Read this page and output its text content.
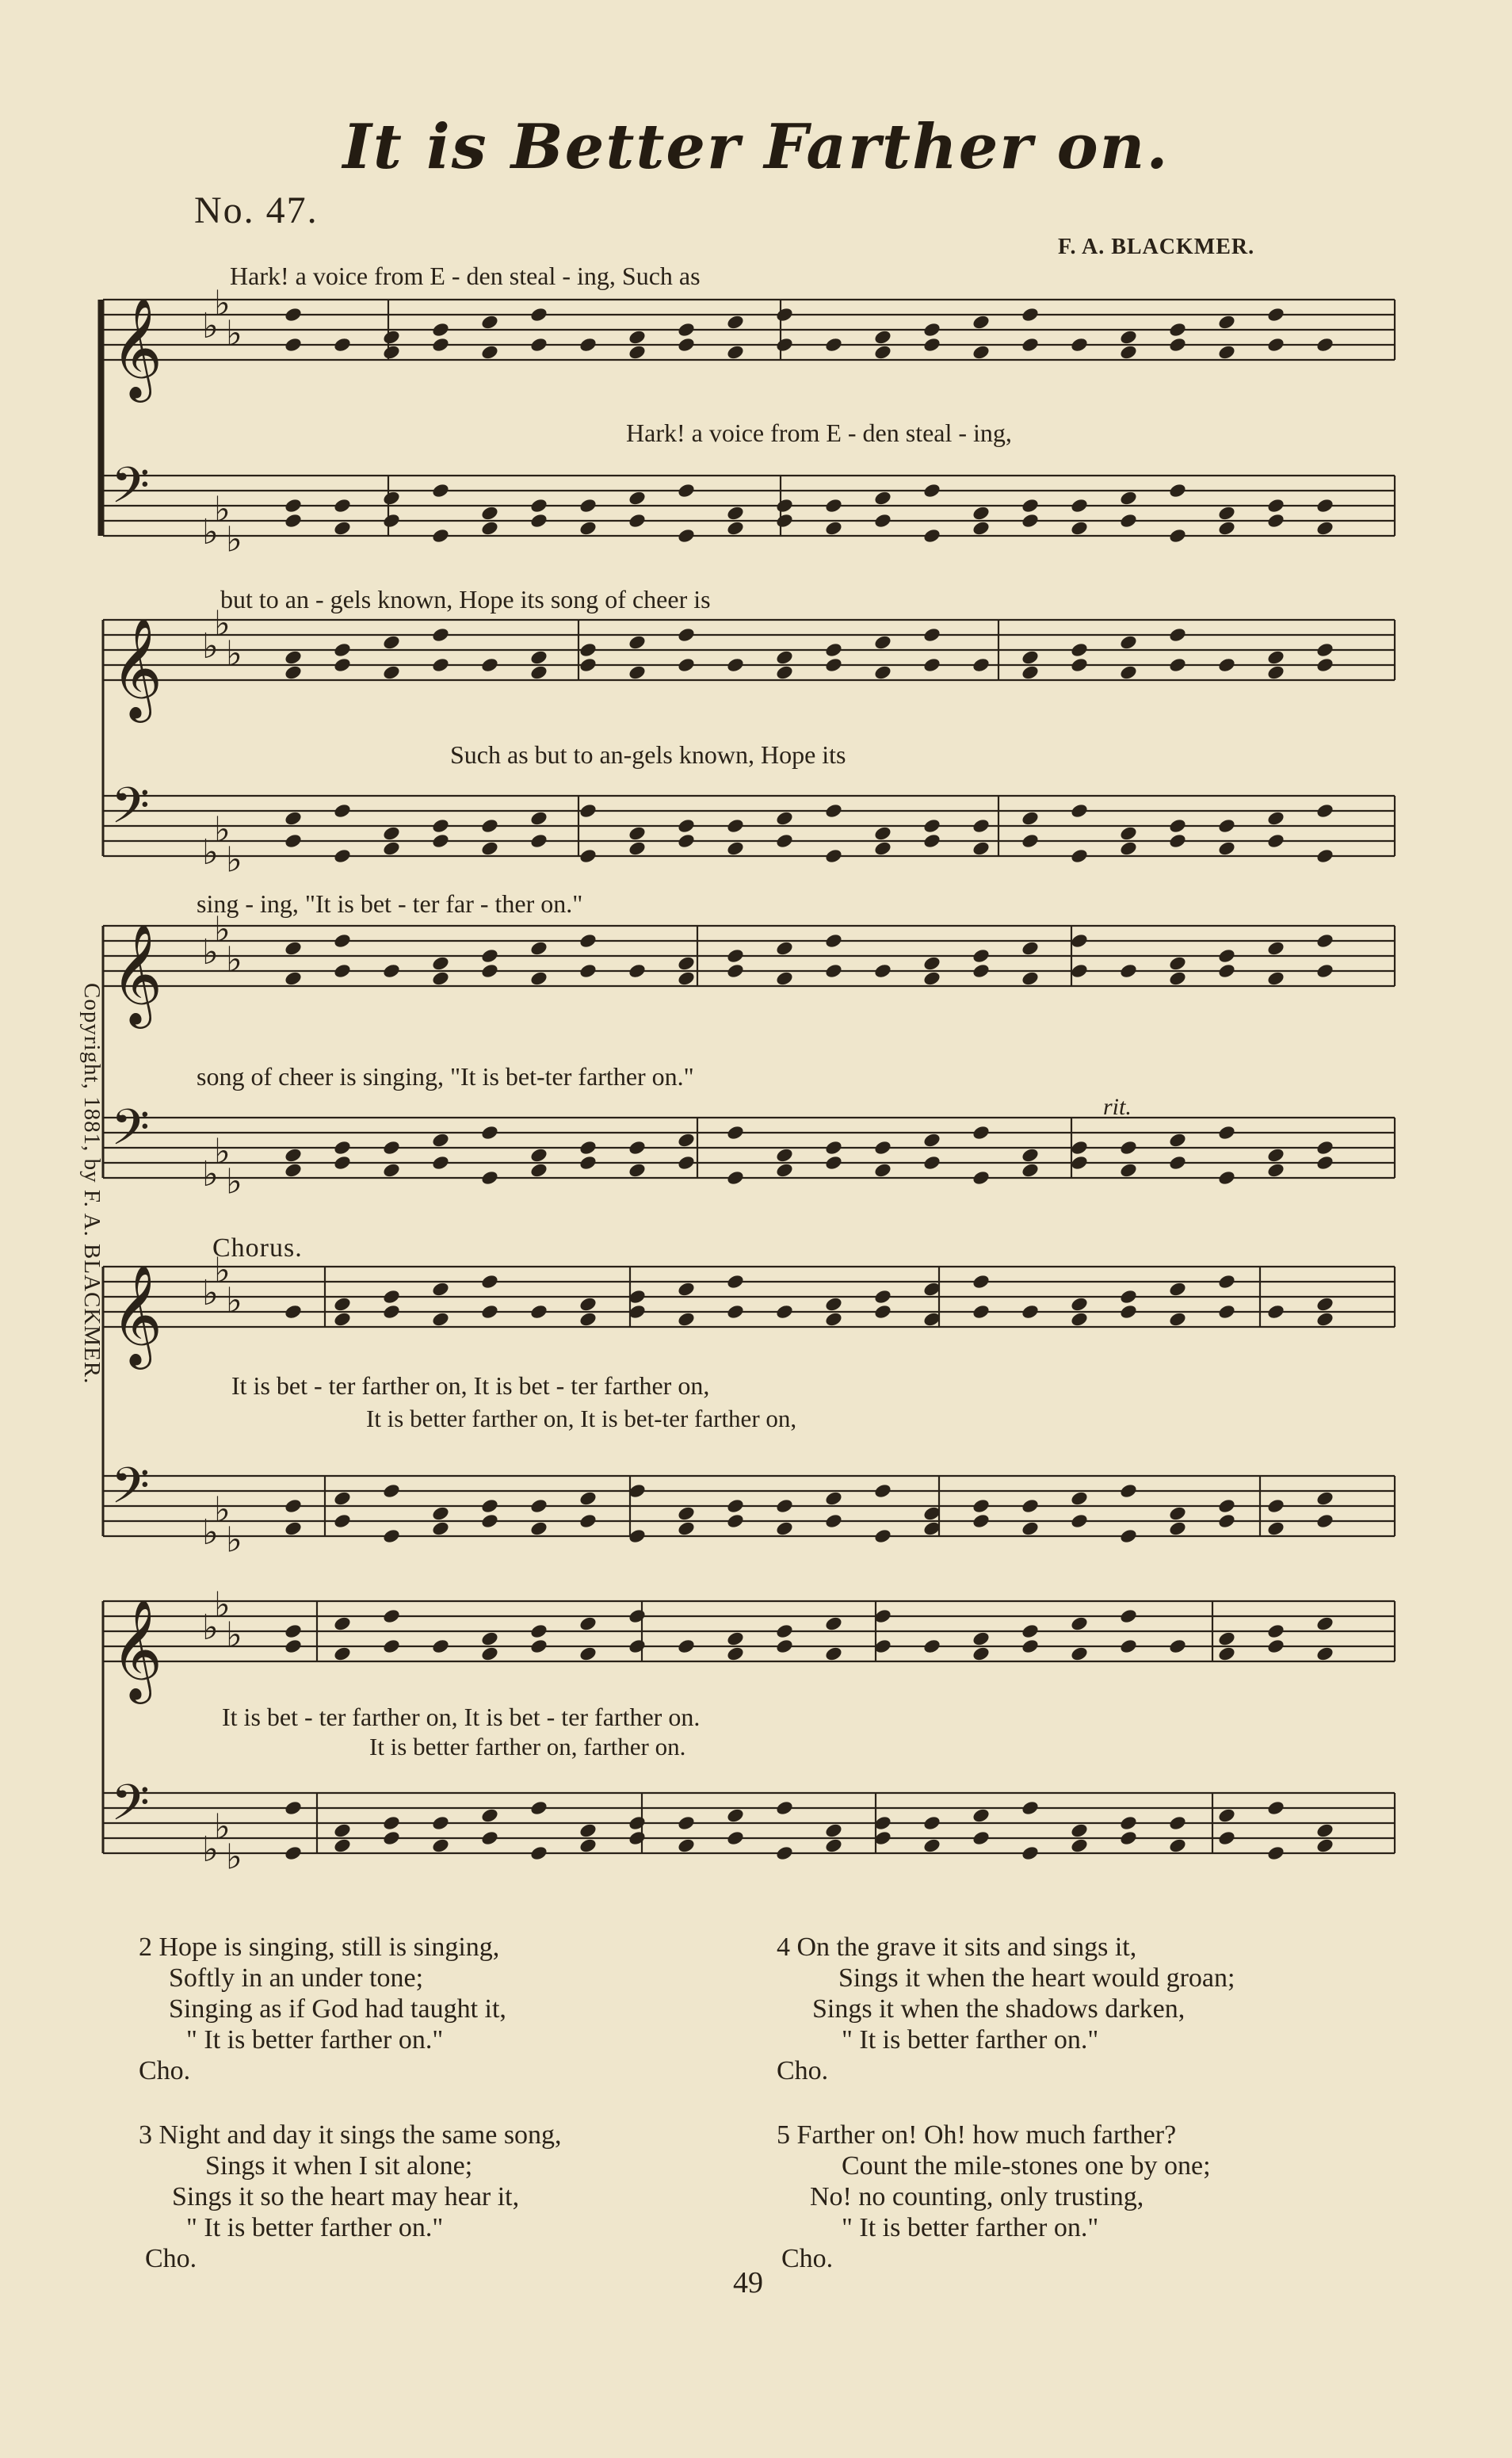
It is Better Farther on.
No. 47.
F. A. BLACKMER.
Copyright, 1881, by F. A. BLACKMER.
𝄞
𝄢
♭
♭
♭
♭
♭
♭
𝄞
𝄢
♭
♭
♭
♭
♭
♭
𝄞
𝄢
♭
♭
♭
♭
♭
♭
𝄞
𝄢
♭
♭
♭
♭
♭
♭
𝄞
𝄢
♭
♭
♭
♭
♭
♭
Hark! a voice from E - den steal - ing, Such as
Hark! a voice from E - den steal - ing,
but to an - gels known, Hope its song of cheer is
Such as but to an-gels known, Hope its
sing - ing, "It is bet - ter far - ther on."
song of cheer is singing, "It is bet-ter farther on."
rit.
Chorus.
It is bet - ter farther on, It is bet - ter farther on,
It is better farther on, It is bet-ter farther on,
It is bet - ter farther on, It is bet - ter farther on.
It is better farther on, farther on.
2 Hope is singing, still is singing,
Softly in an under tone;
Singing as if God had taught it,
" It is better farther on."
Cho.
3 Night and day it sings the same song,
Sings it when I sit alone;
Sings it so the heart may hear it,
" It is better farther on."
Cho.
4 On the grave it sits and sings it,
Sings it when the heart would groan;
Sings it when the shadows darken,
" It is better farther on."
Cho.
5 Farther on! Oh! how much farther?
Count the mile-stones one by one;
No! no counting, only trusting,
" It is better farther on."
Cho.
49
